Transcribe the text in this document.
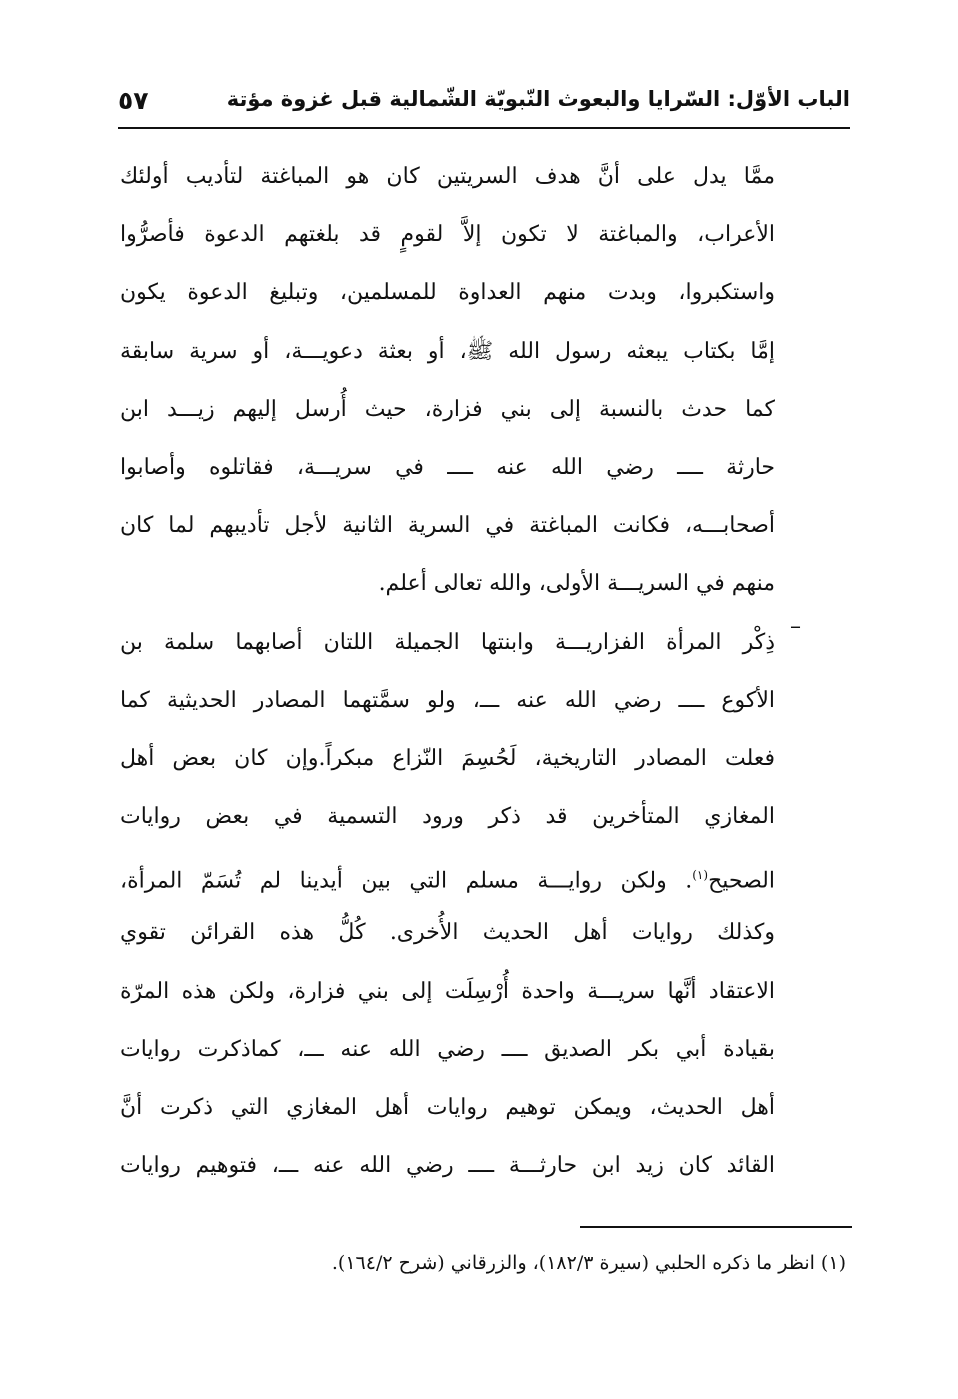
الباب الأوّل: السّرايا والبعوث النّبويّة الشّمالية قبل غزوة مؤتة
٥٧
–
ممَّا يدل على أنَّ هدف السريتين كان هو المباغتة لتأديب أولئك
الأعراب، والمباغتة لا تكون إلاَّ لقومٍ قد بلغتهم الدعوة فأصرُّوا
واستكبروا، وبدت منهم العداوة للمسلمين، وتبليغ الدعوة يكون
إمَّا بكتاب يبعثه رسول الله ﷺ، أو بعثة دعويـــة، أو سرية سابقة
كما حدث بالنسبة إلى بني فزارة، حيث أُرسل إليهم زيـــد ابن
حارثة ــــ رضي الله عنه ــــ في سريـــة، فقاتلوه وأصابوا
أصحابـــه، فكانت المباغتة في السرية الثانية لأجل تأديبهم لما كان
منهم في السريـــة الأولى، والله تعالى أعلم.
ذِكْر المرأة الفزاريـــة وابنتها الجميلة اللتان أصابهما سلمة بن
الأكوع ــــ رضي الله عنه ـــ، ولو سمَّتهما المصادر الحديثية كما
فعلت المصادر التاريخية، لَحُسِمَ النّزاع مبكراً.وإن كان بعض أهل
المغازي المتأخرين قد ذكر ورود التسمية في بعض روايات
الصحيح$^{(١)}$. ولكن روايـــة مسلم التي بين أيدينا لم تُسَمّ المرأة،
وكذلك روايات أهل الحديث الأُخرى. كُلُّ هذه القرائن تقوي
الاعتقاد أنَّها سريـــة واحدة أُرْسِلَت إلى بني فزارة، ولكن هذه المرّة
بقيادة أبي بكر الصديق ــــ رضي الله عنه ـــ، كماذكرت روايات
أهل الحديث، ويمكن توهيم روايات أهل المغازي التي ذكرت أنَّ
القائد كان زيد ابن حارثـــة ــــ رضي الله عنه ـــ، فتوهيم روايات
(١) انظر ما ذكره الحلبي (سيرة ١٨٢/٣)، والزرقاني (شرح ١٦٤/٢).
